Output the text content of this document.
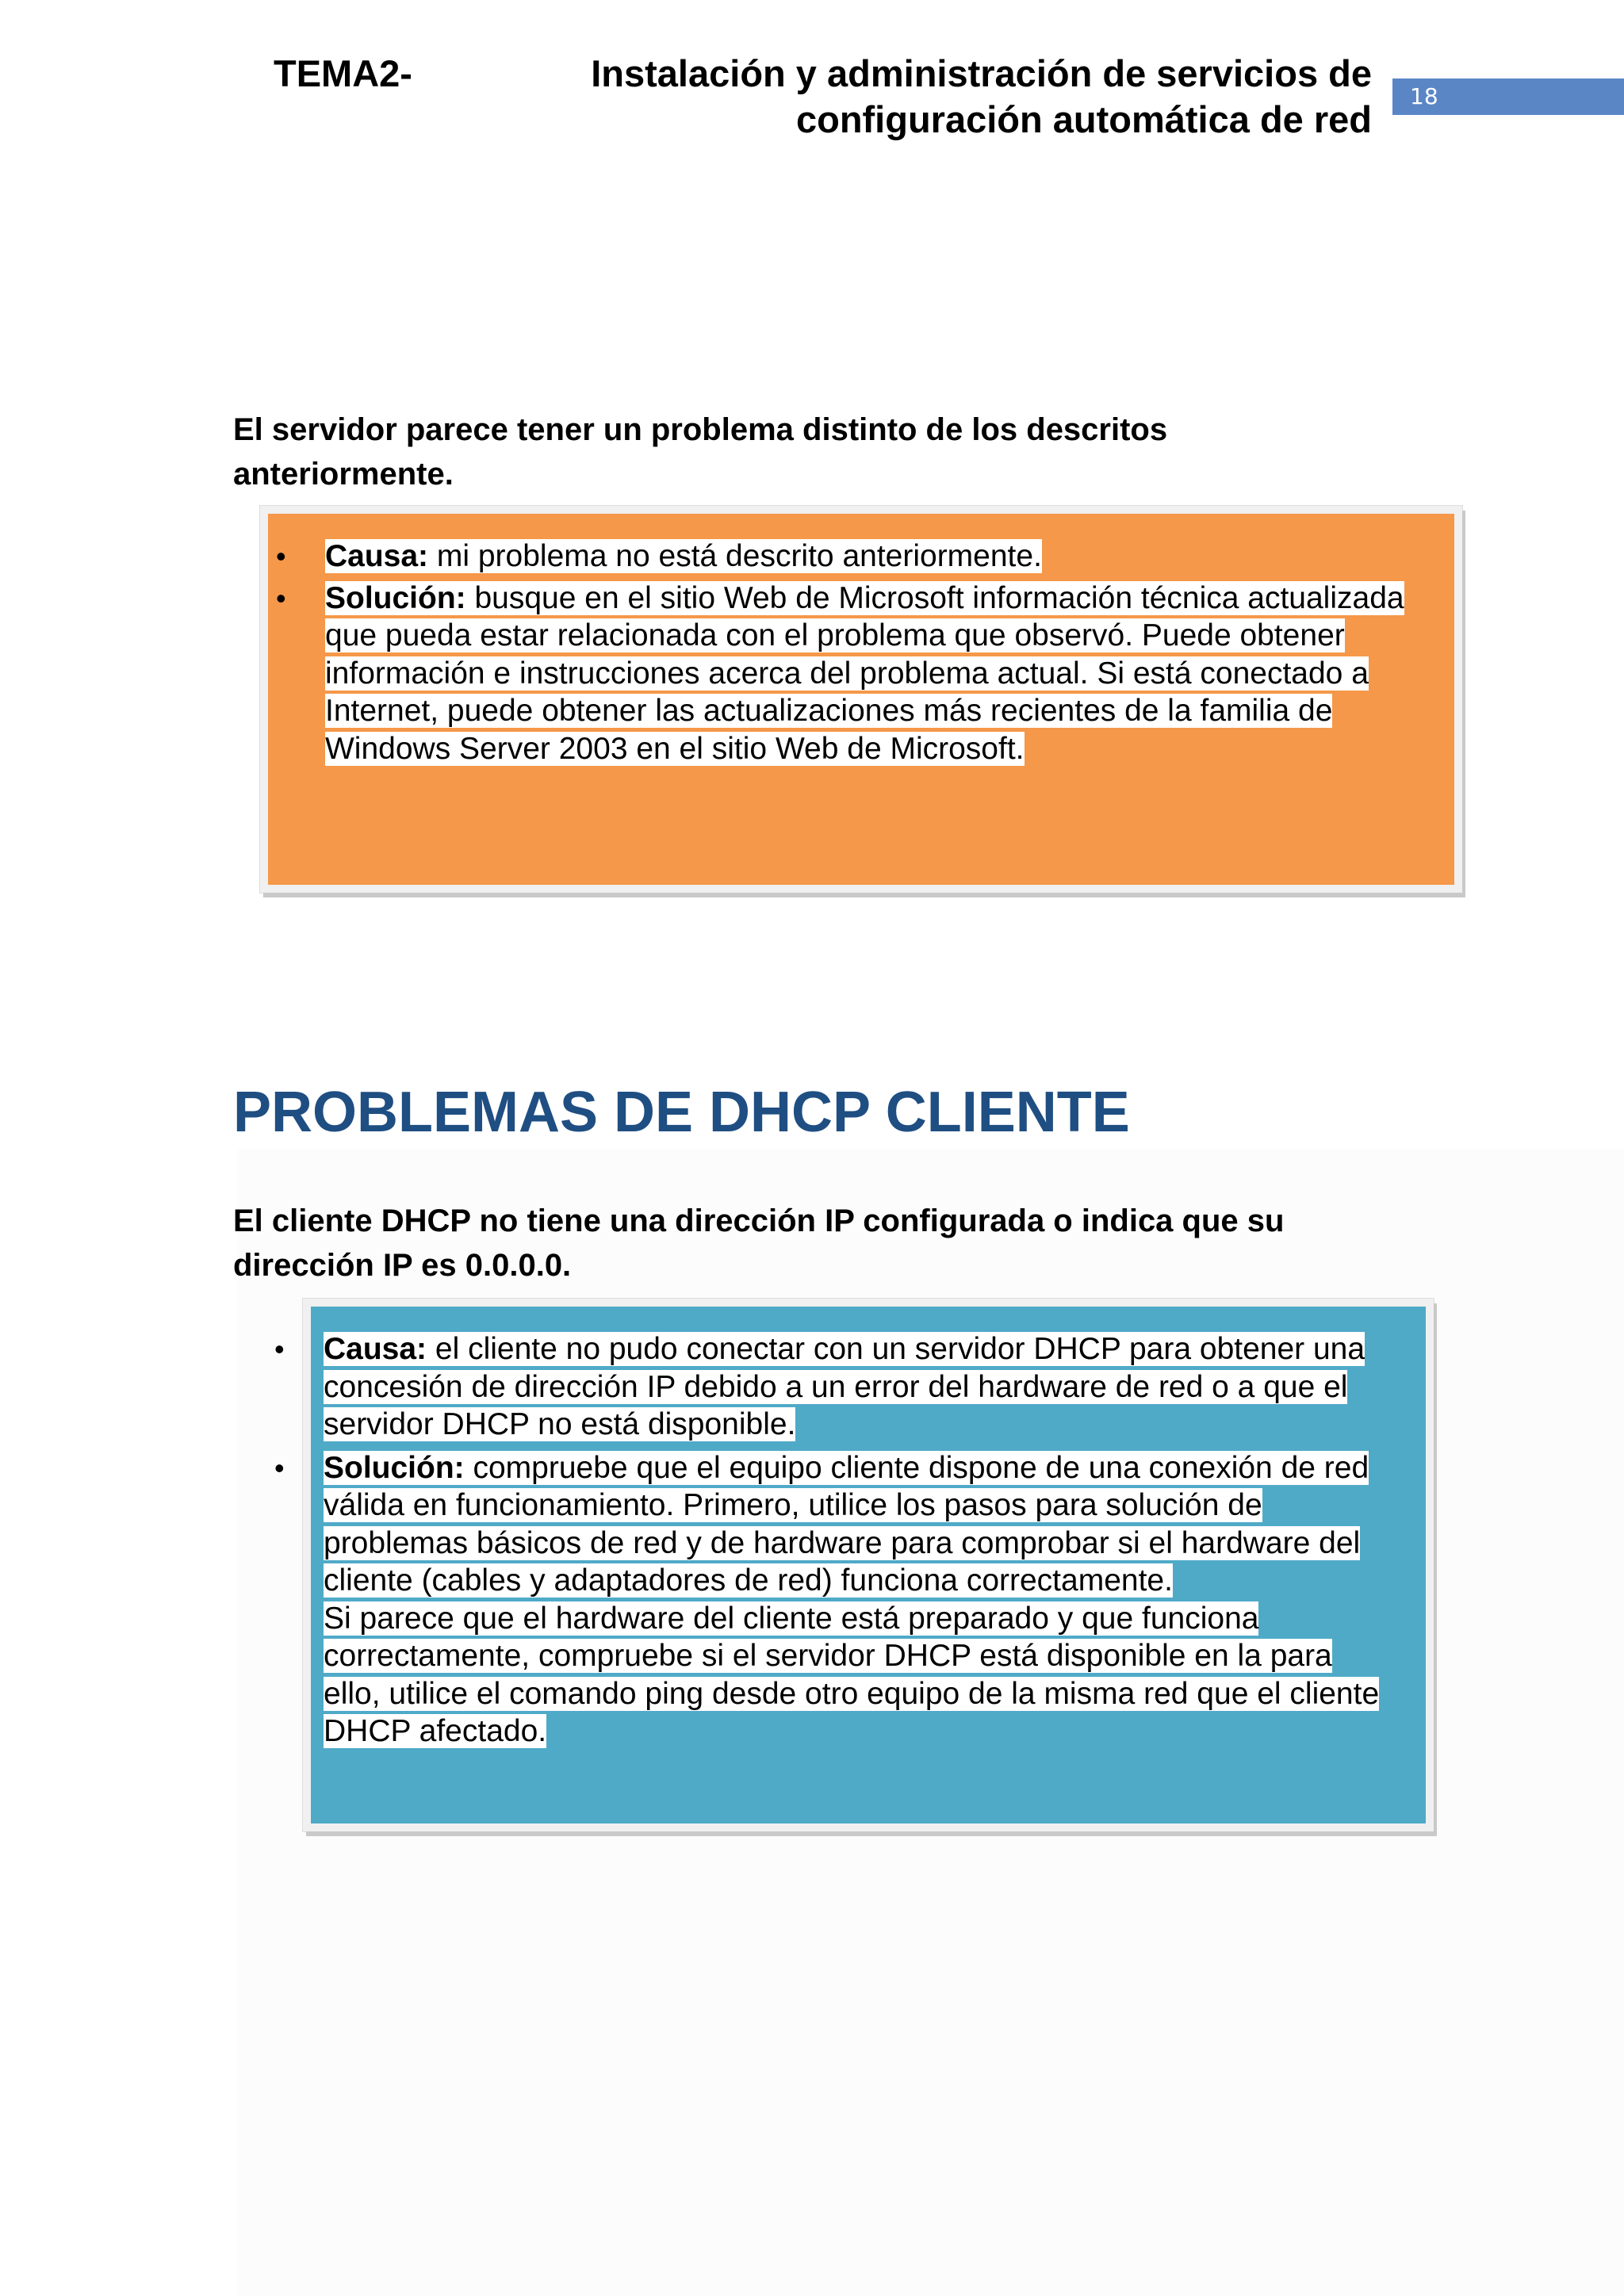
TEMA2-	Instalación y administración de servicios de
configuración automática de red
18
El servidor parece tener un problema distinto de los descritos
anteriormente.
• Causa: mi problema no está descrito anteriormente.
• Solución: busque en el sitio Web de Microsoft información técnica actualizada que pueda estar relacionada con el problema que observó. Puede obtener información e instrucciones acerca del problema actual. Si está conectado a Internet, puede obtener las actualizaciones más recientes de la familia de Windows Server 2003 en el sitio Web de Microsoft.
PROBLEMAS DE DHCP CLIENTE
El cliente DHCP no tiene una dirección IP configurada o indica que su
dirección IP es 0.0.0.0.
• Causa: el cliente no pudo conectar con un servidor DHCP para obtener una concesión de dirección IP debido a un error del hardware de red o a que el servidor DHCP no está disponible.
• Solución: compruebe que el equipo cliente dispone de una conexión de red válida en funcionamiento. Primero, utilice los pasos para solución de problemas básicos de red y de hardware para comprobar si el hardware del cliente (cables y adaptadores de red) funciona correctamente.
Si parece que el hardware del cliente está preparado y que funciona correctamente, compruebe si el servidor DHCP está disponible en la para ello, utilice el comando ping desde otro equipo de la misma red que el cliente DHCP afectado.
